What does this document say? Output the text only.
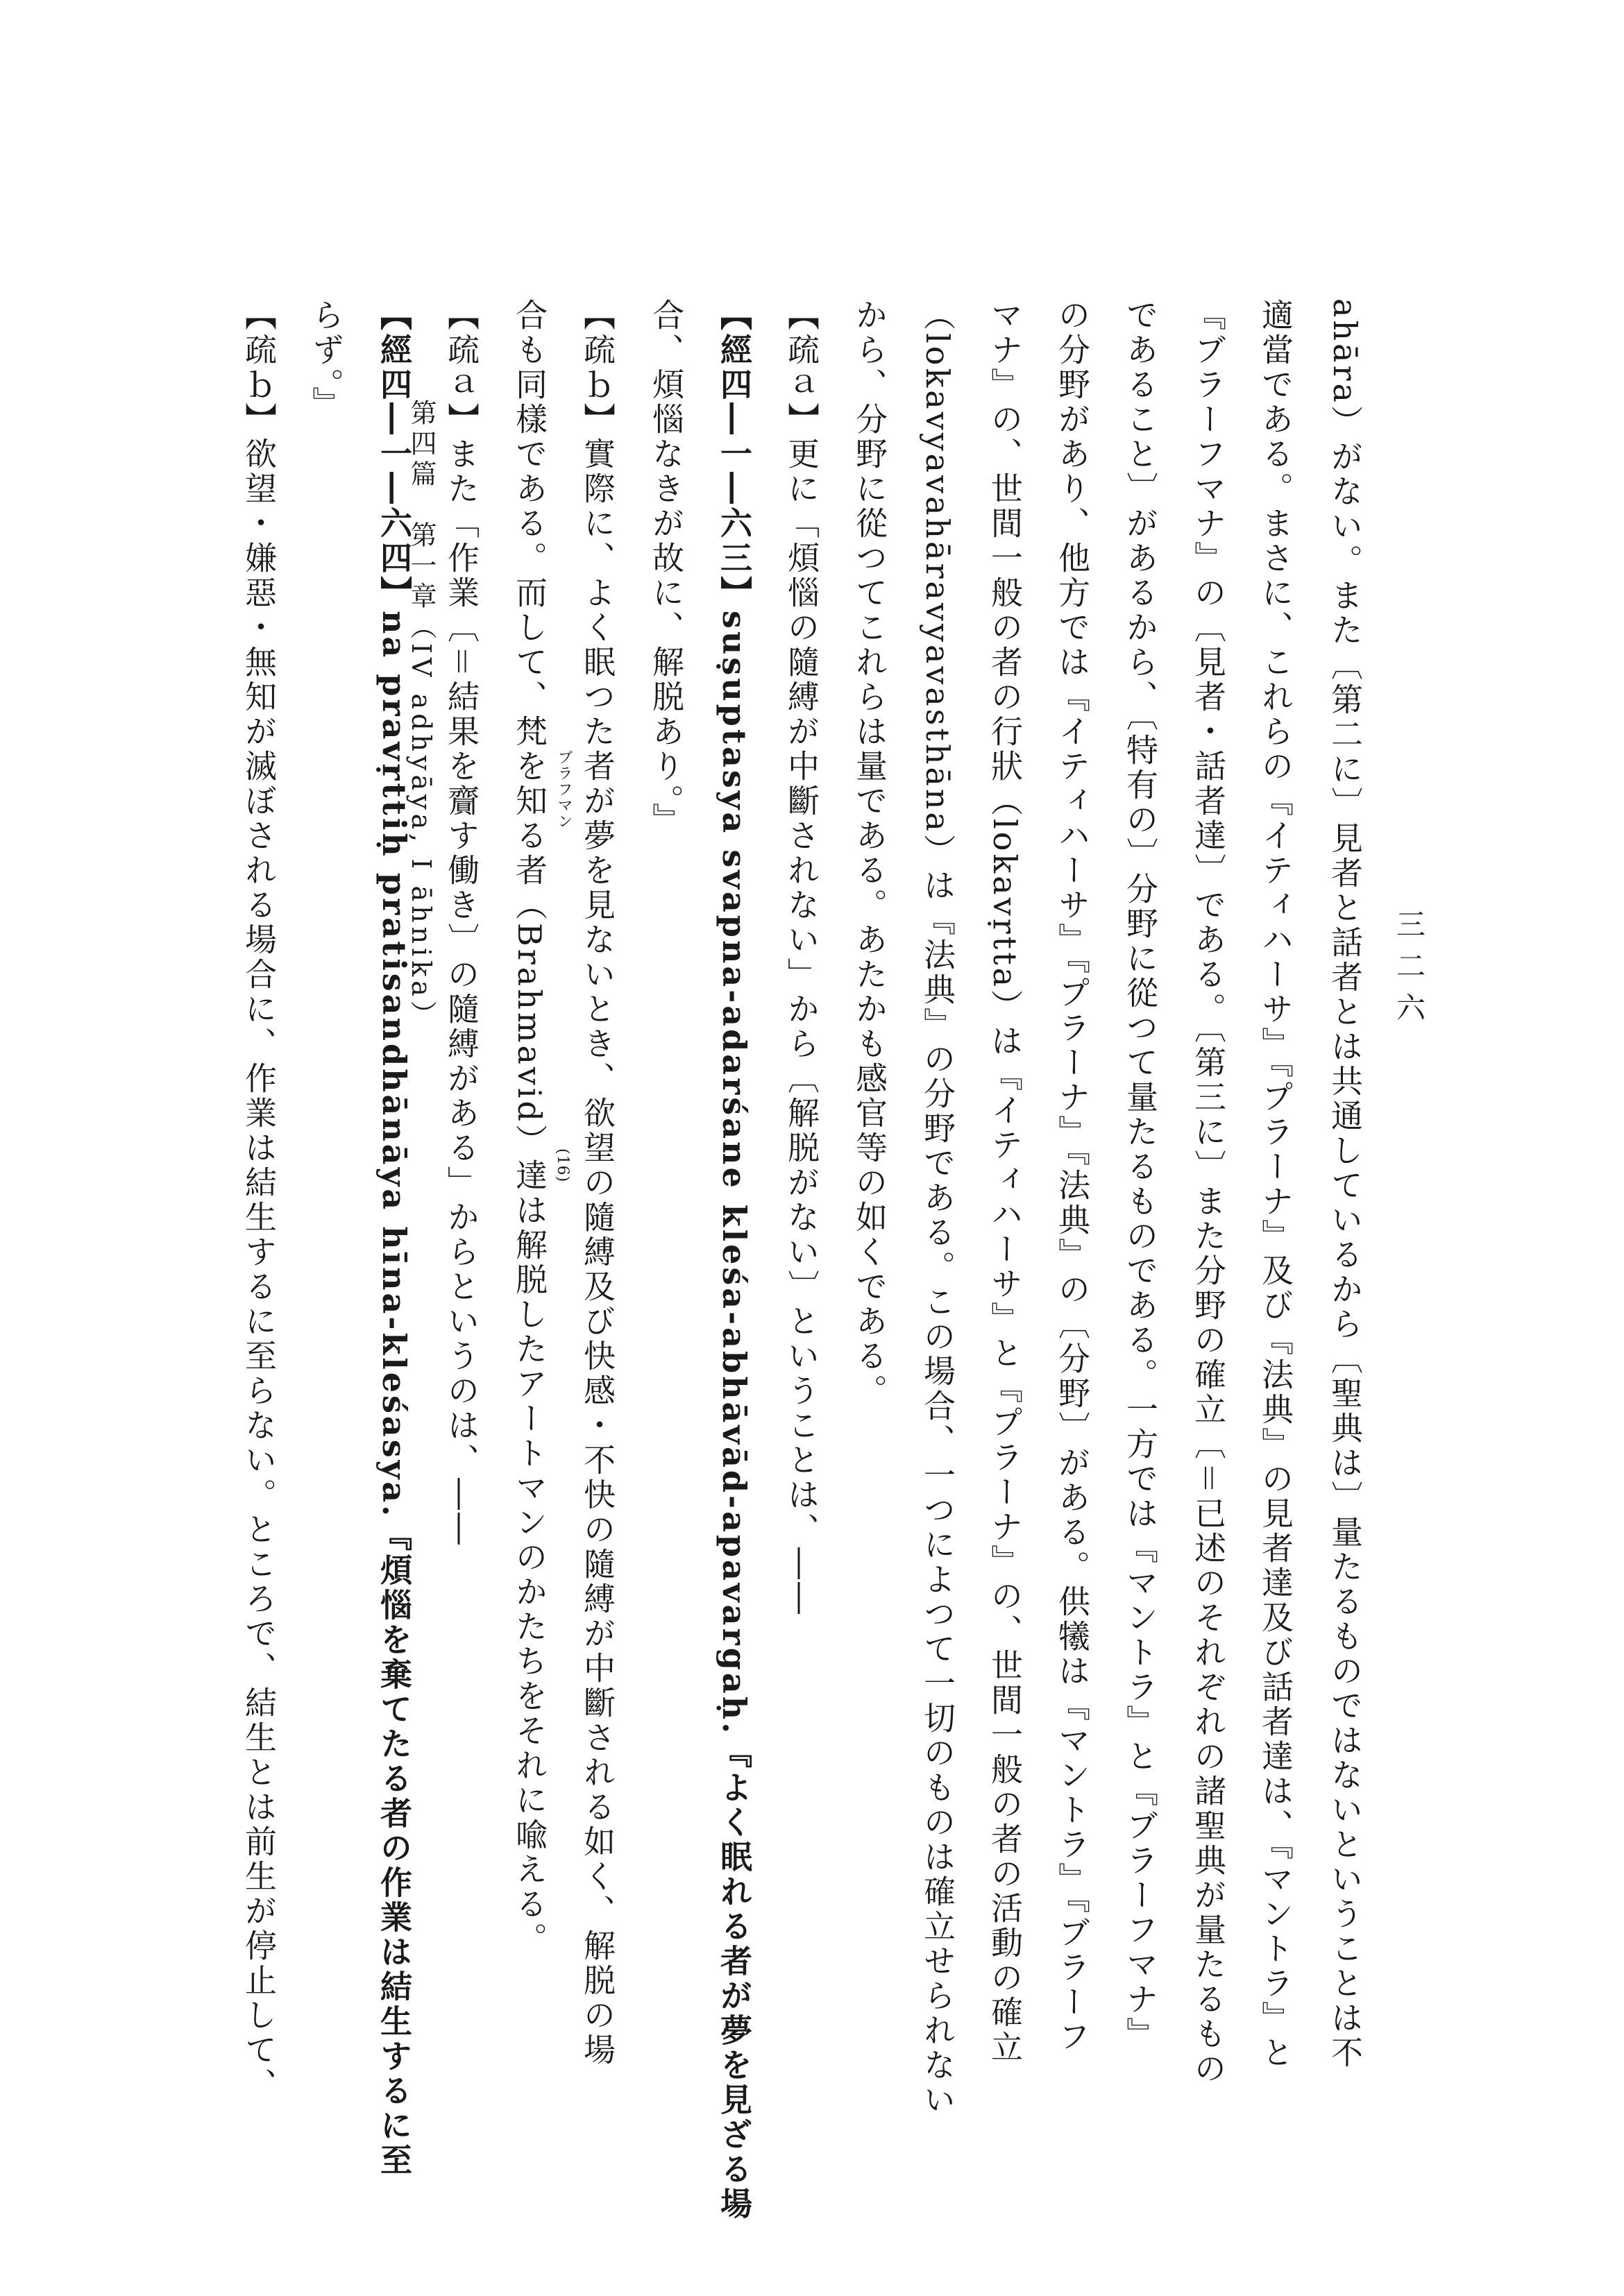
三二六
第四篇　第一章（IV adhyāya, I āhnika）	ahāra）がない。また〔第二に〕見者と話者とは共通しているから〔聖典は〕量たるものではないということは不
適當である。まさに、これらの『イティハーサ』『プラーナ』及び『法典』の見者達及び話者達は、『マントラ』と
『ブラーフマナ』の〔見者・話者達〕である。〔第三に〕また分野の確立〔＝已述のそれぞれの諸聖典が量たるもの
であること〕があるから、〔特有の〕分野に從つて量たるものである。一方では『マントラ』と『ブラーフマナ』
の分野があり、他方では『イティハーサ』『プラーナ』『法典』の〔分野〕がある。供犧は『マントラ』『ブラーフ
マナ』の、世間一般の者の行狀（lokavṛtta）は『イティハーサ』と『プラーナ』の、世間一般の者の活動の確立
（lokavyavahāravyavasthāna）は『法典』の分野である。この場合、一つによつて一切のものは確立せられない
から、分野に從つてこれらは量である。あたかも感官等の如くである。
【疏ａ】更に「煩惱の隨縛が中斷されない」から〔解脱がない〕ということは、――
【經四―一―六三】suṣuptasya svapna-adarśane kleśa-abhāvād-apavargaḥ.『よく眠れる者が夢を見ざる場
合、煩惱なきが故に、解脱あり。』
【疏ｂ】實際に、よく眠つた者が夢を見ないとき、欲望の隨縛及び快感・不快の隨縛が中斷される如く、解脱の場
合も同樣である。而して、梵を知る者（Brahmavid）達は解脱したアートマンのかたちをそれに喩える。
【疏ａ】また「作業〔＝結果を齎す働き〕の隨縛がある」からというのは、――
【經四―一―六四】na pravṛttiḥ pratisandhānāya hīna-kleśasya.『煩惱を棄てたる者の作業は結生するに至
らず。』
【疏ｂ】欲望・嫌惡・無知が滅ぼされる場合に、作業は結生するに至らない。ところで、結生とは前生が停止して、	ブラフマン
(16)
